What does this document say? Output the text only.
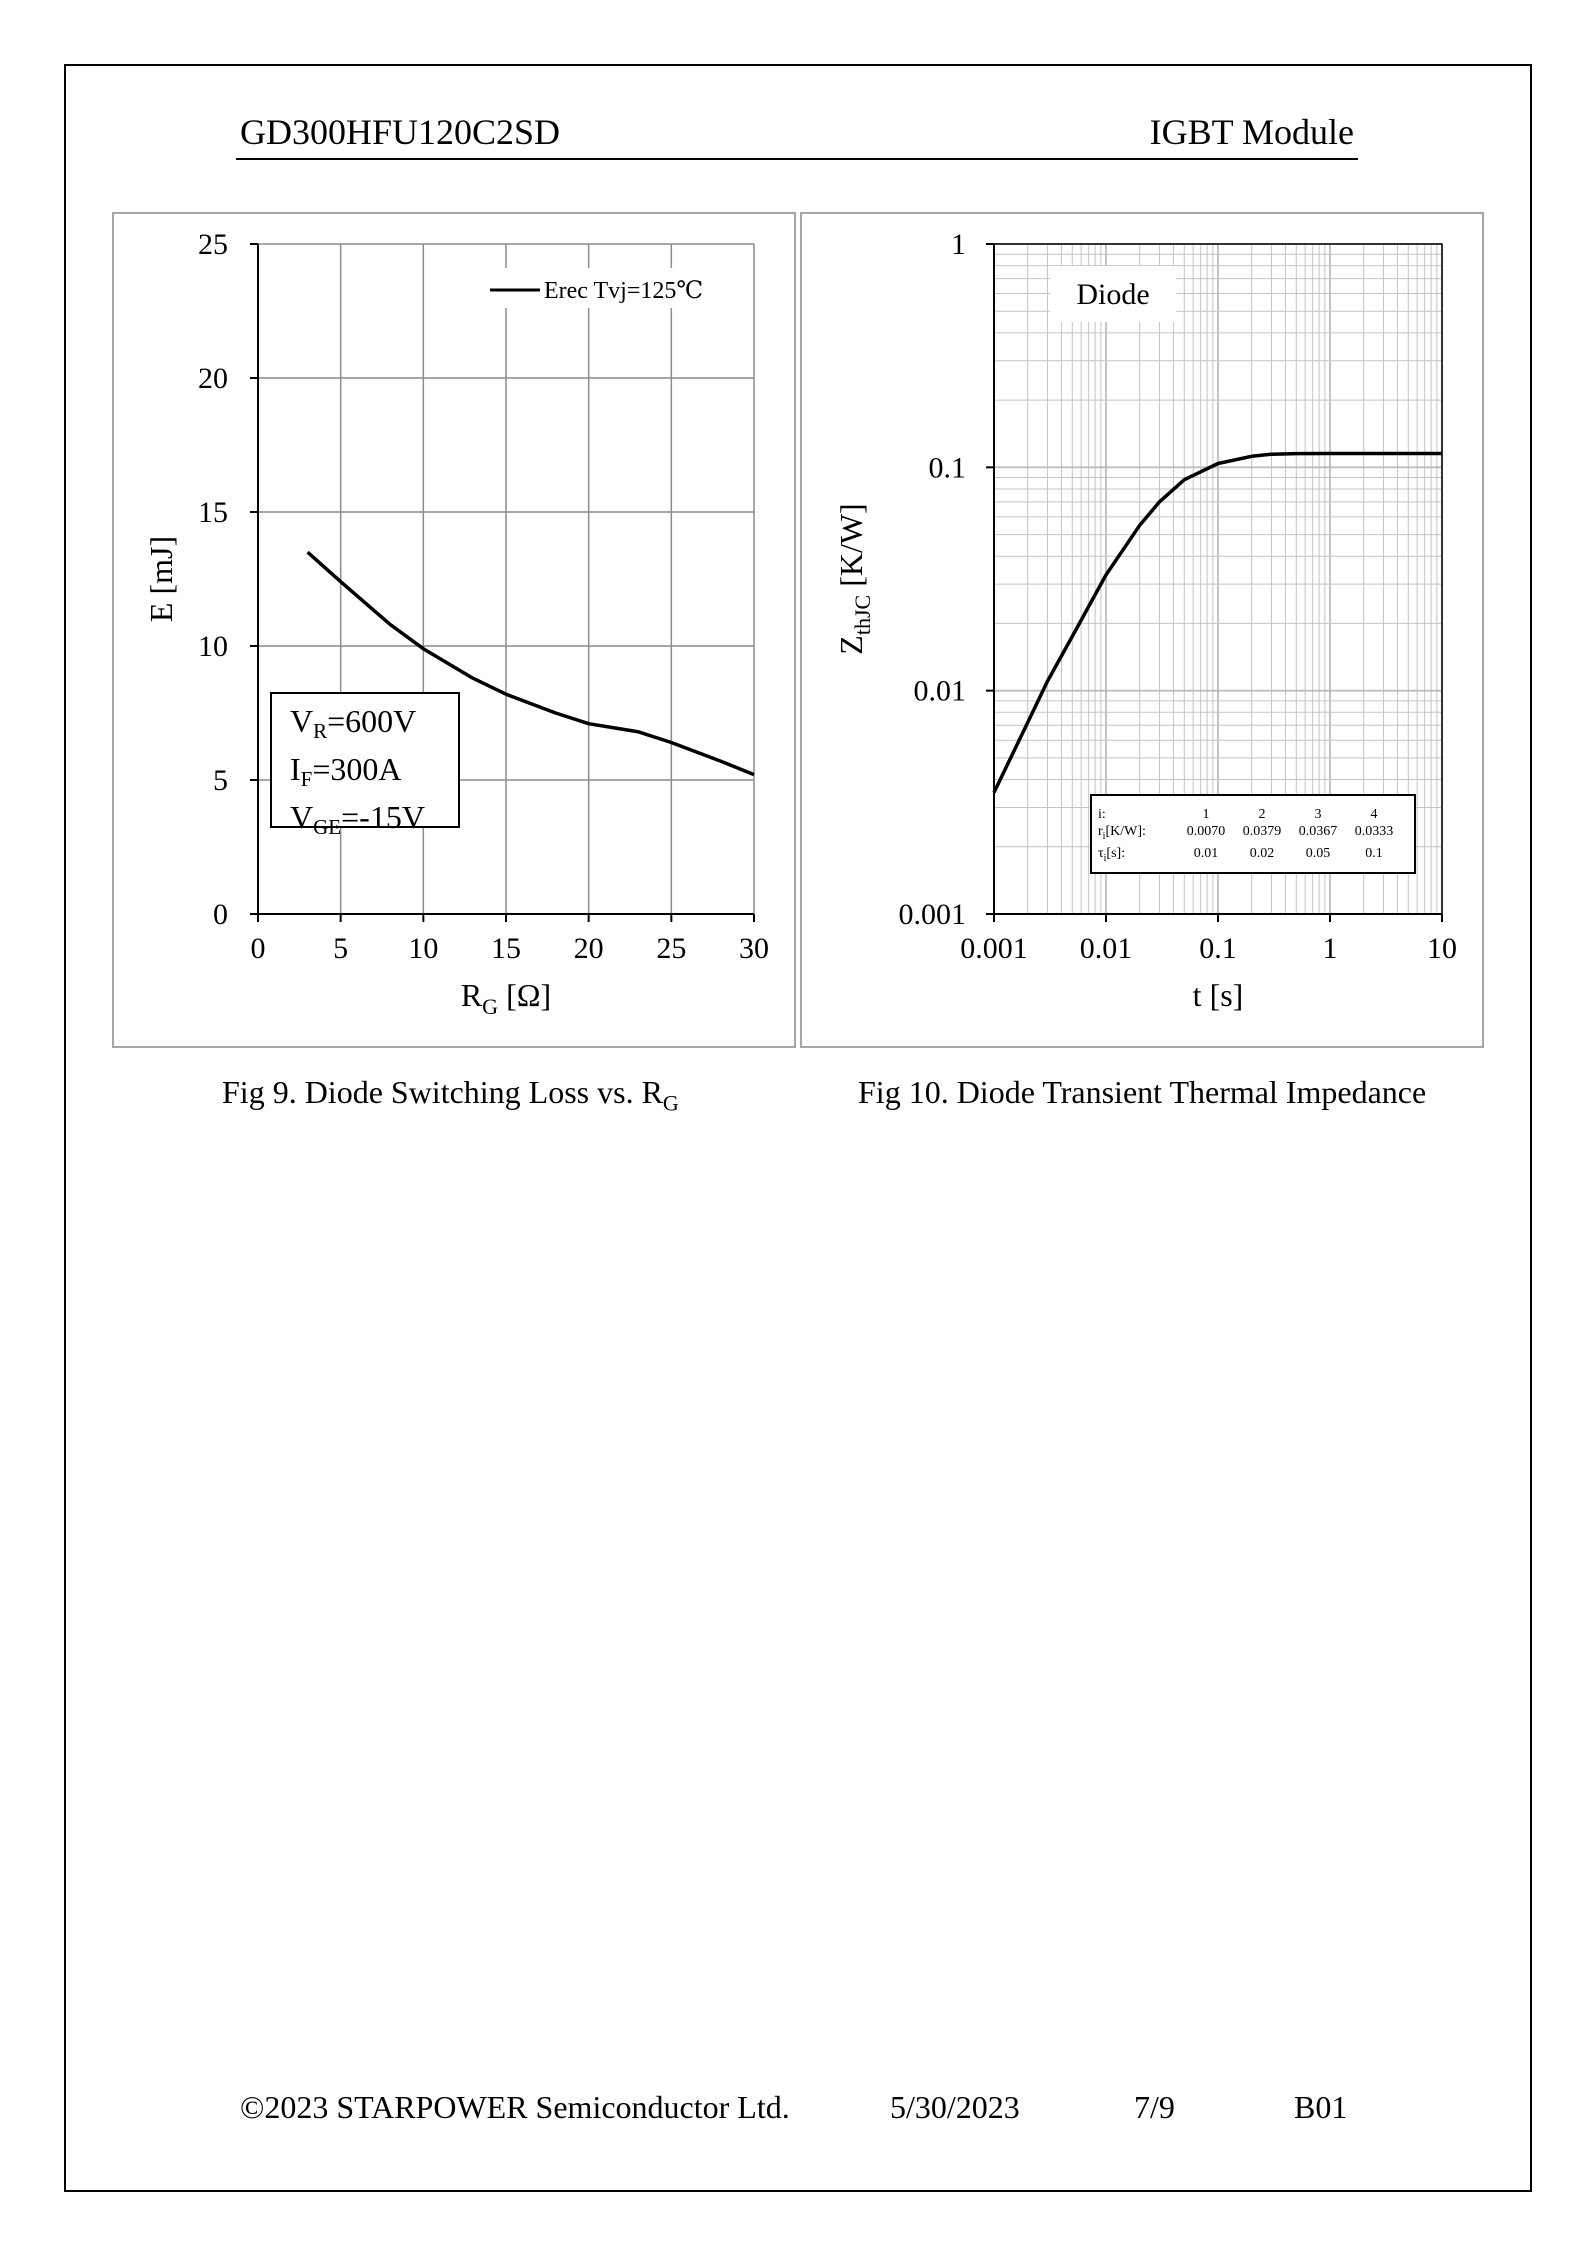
GD300HFU120C2SD	IGBT Module
0 5 10 15 20 25 30
0
5
10
15
20
25
Erec Tvj=125℃
$R_G$ [Ω]
E [mJ]
$V_R=600V$
$I_F=300A$
$V_{GE}=-15V$
0.001 0.01 0.1	1	10
0.001
0.01
0.1
1
Diode
t [s]
$Z_{thJC}$ [K/W]
i:	1	2	3	4
$r_i[K/W]$:	0.0070	0.0379	0.0367	0.0333
$\tau_i[s]$:	0.01	0.02	0.05	0.1
Fig 9. Diode Switching Loss vs. $R_G$	Fig 10. Diode Transient Thermal Impedance
©2023 STARPOWER Semiconductor Ltd.	5/30/2023	7/9	B01
